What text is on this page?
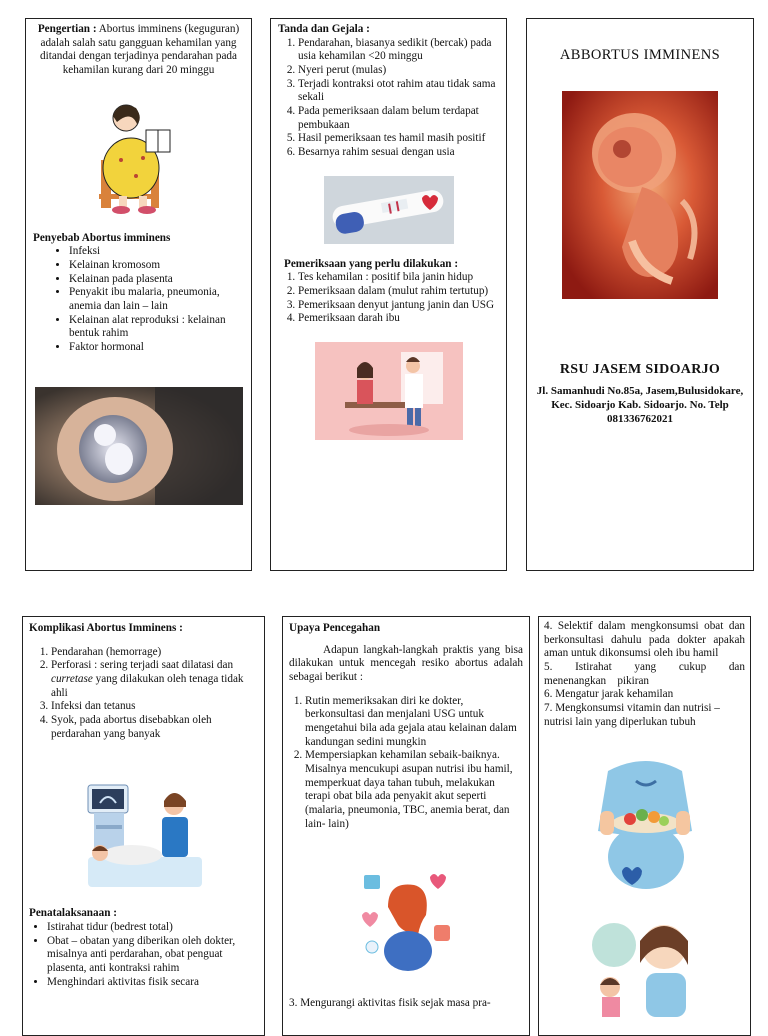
Pengertian : Abortus imminens (keguguran) adalah salah satu gangguan kehamilan yang ditandai dengan terjadinya pendarahan pada kehamilan kurang dari 20 minggu

Penyebab Abortus imminens
• Infeksi
• Kelainan kromosom
• Kelainan pada plasenta
• Penyakit ibu malaria, pneumonia, anemia dan lain – lain
• Kelainan alat reproduksi : kelainan bentuk rahim
• Faktor hormonal
Tanda dan Gejala :
1. Pendarahan, biasanya sedikit (bercak) pada usia kehamilan <20 minggu
2. Nyeri perut (mulas)
3. Terjadi kontraksi otot rahim atau tidak sama sekali
4. Pada pemeriksaan dalam belum terdapat pembukaan
5. Hasil pemeriksaan tes hamil masih positif
6. Besarnya rahim sesuai dengan usia
Pemeriksaan yang perlu dilakukan :
1. Tes kehamilan : positif bila janin hidup
2. Pemeriksaan dalam (mulut rahim tertutup)
3. Pemeriksaan denyut jantung janin dan USG
4. Pemeriksaan darah ibu
ABBORTUS IMMINENS
RSU JASEM SIDOARJO
Jl. Samanhudi No.85a, Jasem,Bulusidokare, Kec. Sidoarjo Kab. Sidoarjo. No. Telp 081336762021
Komplikasi Abortus Imminens :
1. Pendarahan (hemorrage)
2. Perforasi : sering terjadi saat dilatasi dan curretase yang dilakukan oleh tenaga tidak ahli
3. Infeksi dan tetanus
4. Syok, pada abortus disebabkan oleh perdarahan yang banyak
Penatalaksanaan :
• Istirahat tidur (bedrest total)
• Obat – obatan yang diberikan oleh dokter, misalnya anti perdarahan, obat penguat plasenta, anti kontraksi rahim
• Menghindari aktivitas fisik secara
Upaya Pencegahan

Adapun langkah-langkah praktis yang bisa dilakukan untuk mencegah resiko abortus adalah sebagai berikut :

1. Rutin memeriksakan diri ke dokter, berkonsultasi dan menjalani USG untuk mengetahui bila ada gejala atau kelainan dalam kandungan sedini mungkin
2. Mempersiapkan kehamilan sebaik-baiknya. Misalnya mencukupi asupan nutrisi ibu hamil, memperkuat daya tahan tubuh, melakukan terapi obat bila ada penyakit akut seperti (malaria, pneumonia, TBC, anemia berat, dan lain- lain)

3. Mengurangi aktivitas fisik sejak masa pra-

4. Selektif dalam mengkonsumsi obat dan berkonsultasi dahulu pada dokter apakah aman untuk dikonsumsi oleh ibu hamil

5.    Istirahat    yang    cukup    dan menenangkan    pikiran

6. Mengatur jarak kehamilan

7. Mengkonsumsi vitamin dan nutrisi – nutrisi lain yang diperlukan tubuh
